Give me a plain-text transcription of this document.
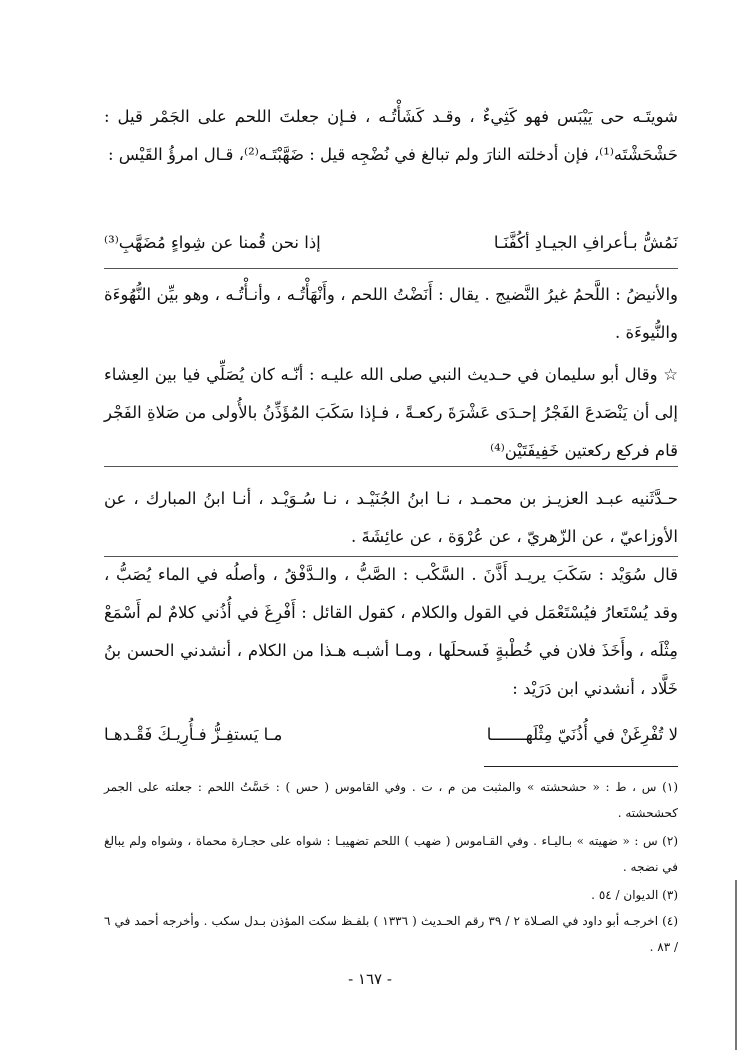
شويتَـه حى يَيْبَس فهو كَثِيءٌ ، وقـد كَشَأْتُـه ، فـإن جعلتَ اللحم على الجَمْر قيل : حَشْحَشْتَه⁽¹⁾، فإن أدخلته النارَ ولم تبالغ في نُضْجِه قيل : ضَهَّبْتَـه⁽²⁾، قـال امرؤُ القَيْس :

نَمُشُّ بـأعرافِ الجيـادِ أكُفَّنَـا
إذا نحن قُمنا عن شِواءٍ مُضَهَّبِ⁽³⁾

والأنيضُ : اللَّحمُ غيرُ النَّضيج . يقال : أَنَضْتُ اللحم ، وأَنْهَأْتُـه ، وأنـأْتُـه ، وهو بيِّن النُّهُوءَة والنُّيوءَة .

☆ وقال أبو سليمان في حـديث النبي صلى الله عليـه : أنّـه كان يُصَلِّي فيا بين العِشاء إلى أن يَنْصَدعَ الفَجْرُ إحـدَى عَشْرَةَ ركعـةً ، فـإذا سَكَبَ المُؤَذِّنُ بالأُولى من صَلاةِ الفَجْر قام فركع ركعتين خَفِيفَتَيْن⁽⁴⁾

حـدَّثَنيه عبـد العزيـز بن محمـد ، نـا ابنُ الجُنَيْـد ، نـا سُـوَيْـد ، أنـا ابنُ المبارك ، عن الأوزاعيّ ، عن الزّهريّ ، عن عُرْوَة ، عن عائِشَةَ .

قال سُوَيْد : سَكَبَ يريـد أَذَّنَ . السَّكْب : الصَّبُّ ، والـدَّفْقُ ، وأصلُه في الماء يُصَبُّ ، وقد يُسْتَعارُ فيُسْتَعْمَل في القول والكلام ، كقول القائل : أَفْرِغَ في أُذُني كلامٌ لم أَسْمَعْ مِثْلَه ، وأَخَذَ فلان في خُطْبةٍ فَسحلَها ، ومـا أشبـه هـذا من الكلام ، أنشدني الحسن بنُ خَلَّاد ، أنشدني ابن دَرَيْد :

لا تُفْرِغَنْ في أُذُنَيّ مِثْلَهـــــــا
مـا يَستفِـزُّ فـأُرِيـكَ فَقْـدهـا

(١) س ، ط : « حشحشته » والمثبت من م ، ت . وفي القاموس ( حس ) : حَسَّتُ اللحم : جعلته على الجمر كحشحشته .

(٢) س : « ضهيته » بـاليـاء . وفي القـاموس ( ضهب ) اللحم تضهيبـا : شواه على حجـارة محماة ، وشواه ولم يبالغ في نضجه .

(٣) الديوان / ٥٤ .

(٤) اخرجـه أبو داود في الصـلاة ٢ / ٣٩ رقم الحـديث ( ١٣٣٦ ) بلفـظ سكت المؤذن بـدل سكب . وأخرجه أحمد في ٦ / ٨٣ .

- ١٦٧ -
